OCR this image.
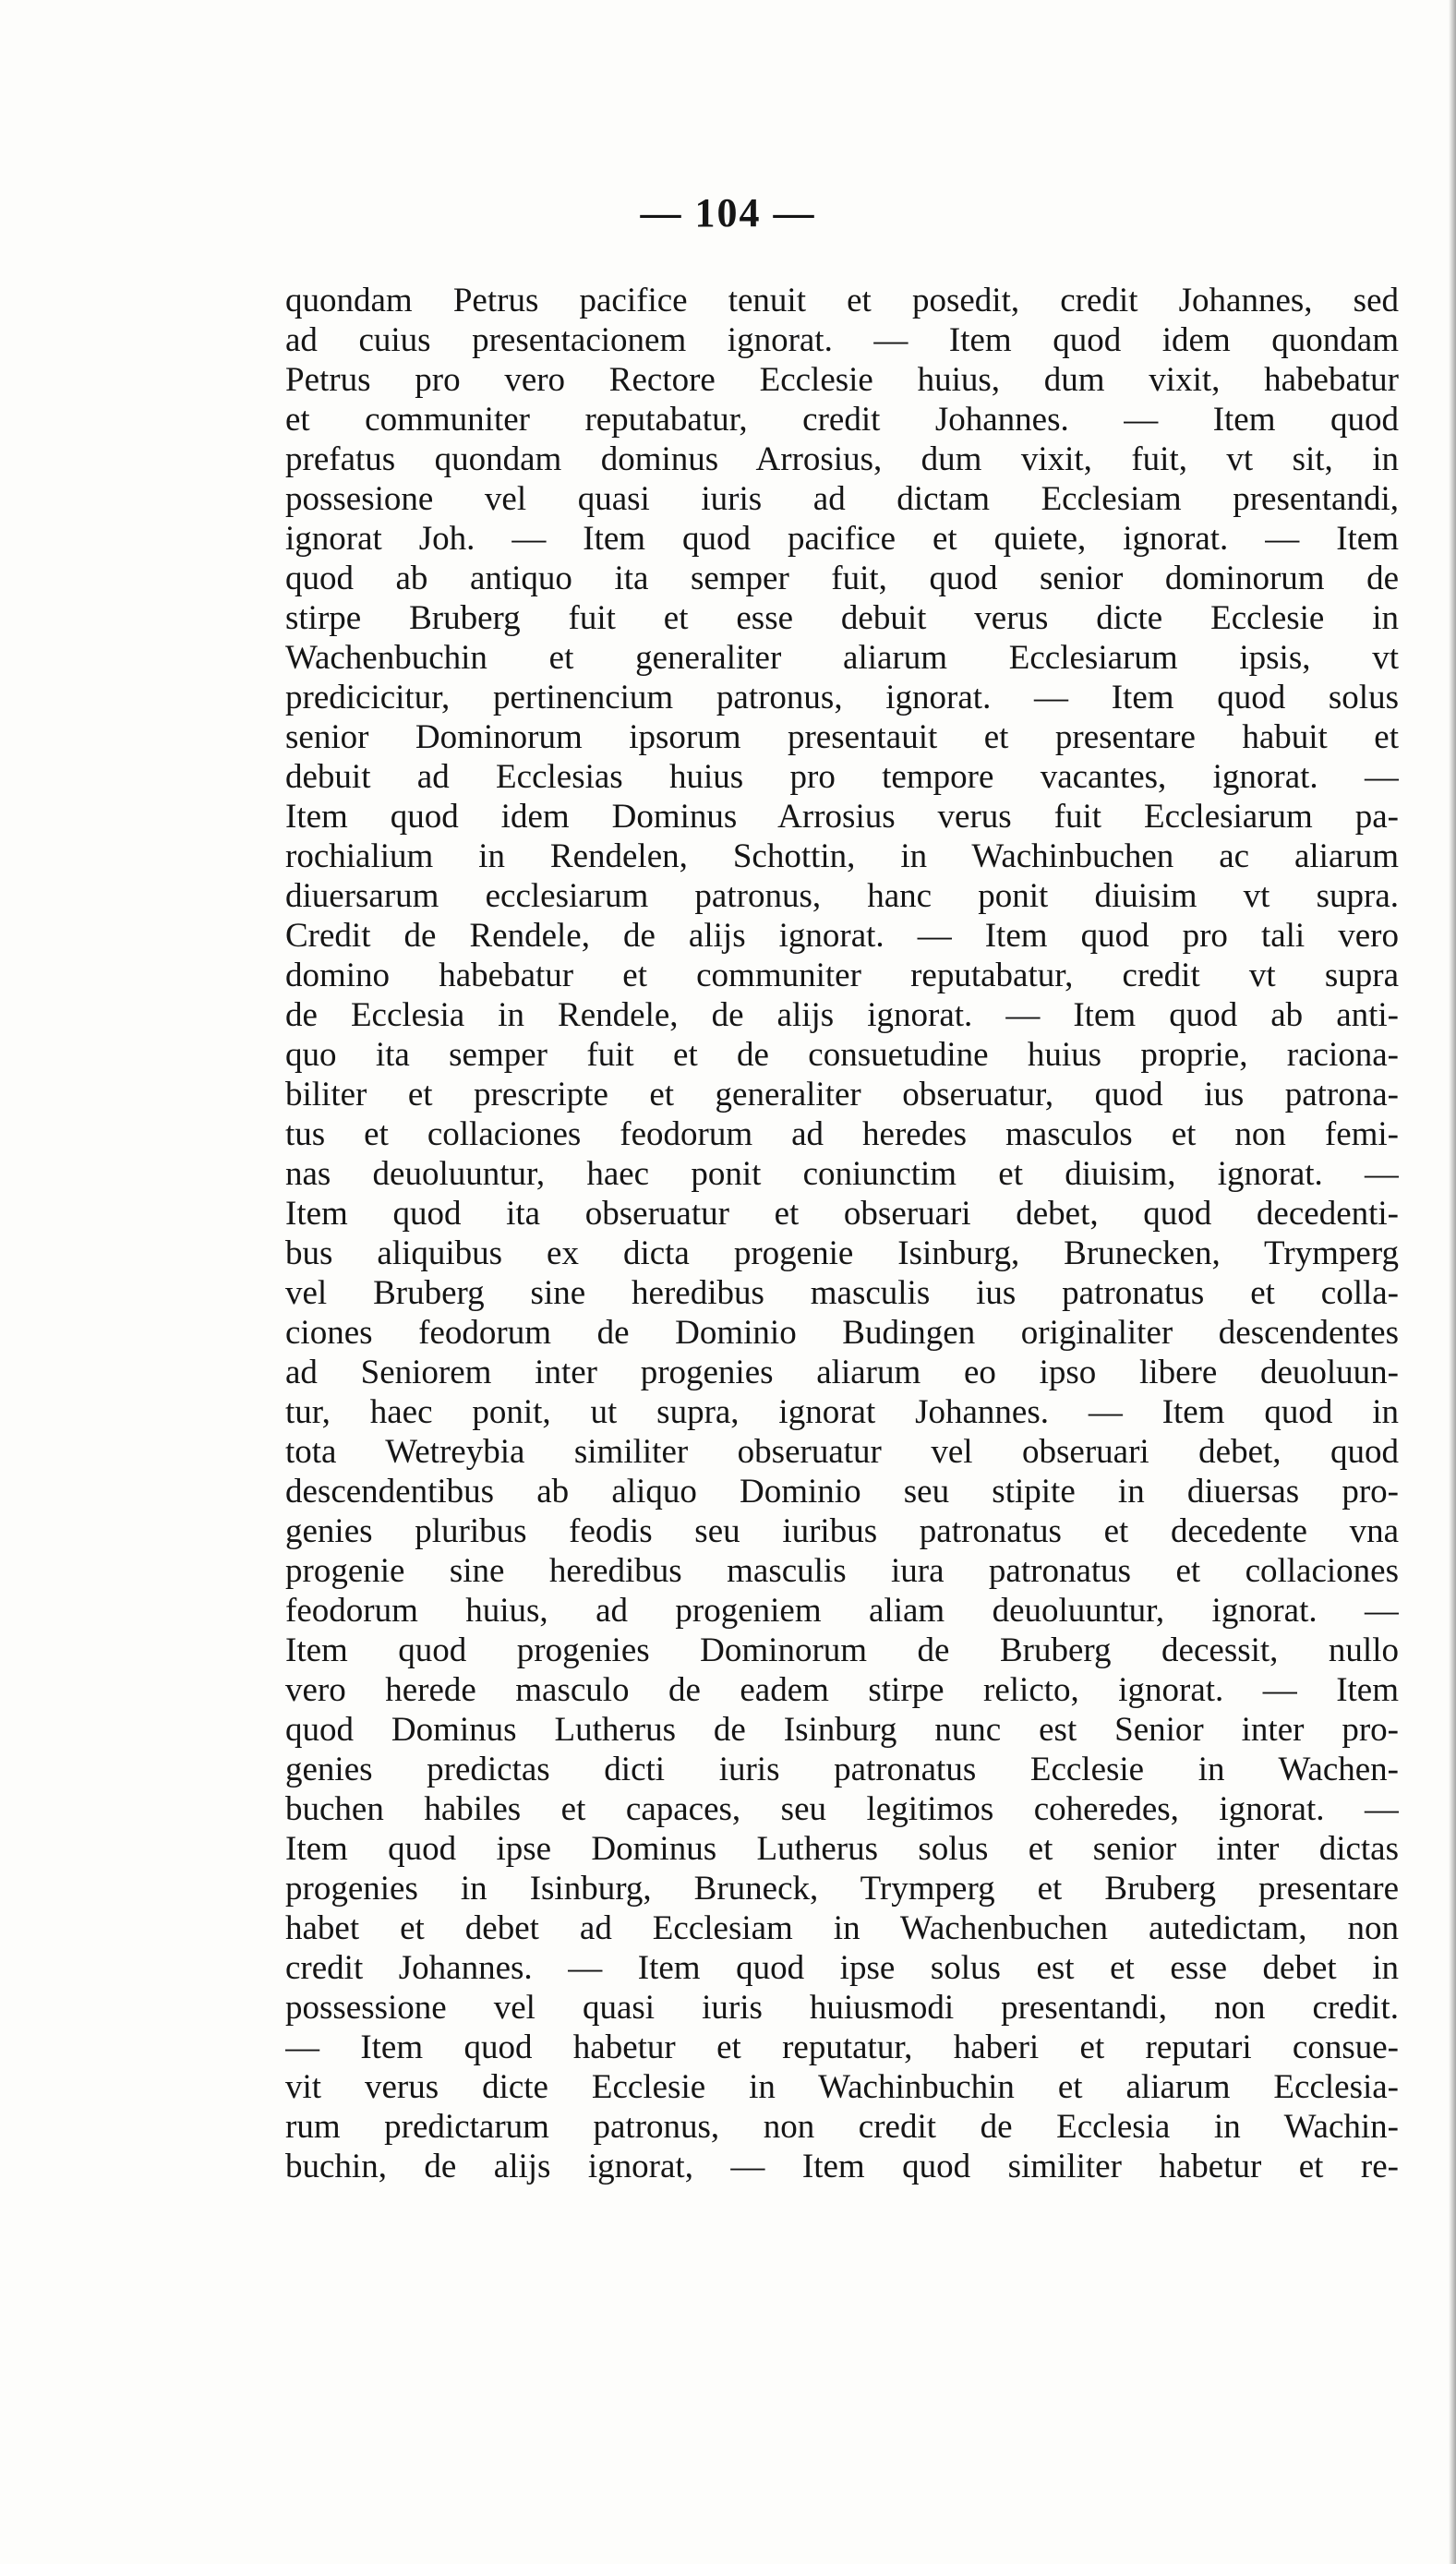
— 104 —
quondam Petrus pacifice tenuit et posedit, credit Johannes, sed
ad cuius presentacionem ignorat. — Item quod idem quondam
Petrus pro vero Rectore Ecclesie huius, dum vixit, habebatur
et communiter reputabatur, credit Johannes. — Item quod
prefatus quondam dominus Arrosius, dum vixit, fuit, vt sit, in
possesione vel quasi iuris ad dictam Ecclesiam presentandi,
ignorat Joh. — Item quod pacifice et quiete, ignorat. — Item
quod ab antiquo ita semper fuit, quod senior dominorum de
stirpe Bruberg fuit et esse debuit verus dicte Ecclesie in
Wachenbuchin et generaliter aliarum Ecclesiarum ipsis, vt
predicicitur, pertinencium patronus, ignorat. — Item quod solus
senior Dominorum ipsorum presentauit et presentare habuit et
debuit ad Ecclesias huius pro tempore vacantes, ignorat. —
Item quod idem Dominus Arrosius verus fuit Ecclesiarum pa-
rochialium in Rendelen, Schottin, in Wachinbuchen ac aliarum
diuersarum ecclesiarum patronus, hanc ponit diuisim vt supra.
Credit de Rendele, de alijs ignorat. — Item quod pro tali vero
domino habebatur et communiter reputabatur, credit vt supra
de Ecclesia in Rendele, de alijs ignorat. — Item quod ab anti-
quo ita semper fuit et de consuetudine huius proprie, raciona-
biliter et prescripte et generaliter obseruatur, quod ius patrona-
tus et collaciones feodorum ad heredes masculos et non femi-
nas deuoluuntur, haec ponit coniunctim et diuisim, ignorat. —
Item quod ita obseruatur et obseruari debet, quod decedenti-
bus aliquibus ex dicta progenie Isinburg, Brunecken, Trymperg
vel Bruberg sine heredibus masculis ius patronatus et colla-
ciones feodorum de Dominio Budingen originaliter descendentes
ad Seniorem inter progenies aliarum eo ipso libere deuoluun-
tur, haec ponit, ut supra, ignorat Johannes. — Item quod in
tota Wetreybia similiter obseruatur vel obseruari debet, quod
descendentibus ab aliquo Dominio seu stipite in diuersas pro-
genies pluribus feodis seu iuribus patronatus et decedente vna
progenie sine heredibus masculis iura patronatus et collaciones
feodorum huius, ad progeniem aliam deuoluuntur, ignorat. —
Item quod progenies Dominorum de Bruberg decessit, nullo
vero herede masculo de eadem stirpe relicto, ignorat. — Item
quod Dominus Lutherus de Isinburg nunc est Senior inter pro-
genies predictas dicti iuris patronatus Ecclesie in Wachen-
buchen habiles et capaces, seu legitimos coheredes, ignorat. —
Item quod ipse Dominus Lutherus solus et senior inter dictas
progenies in Isinburg, Bruneck, Trymperg et Bruberg presentare
habet et debet ad Ecclesiam in Wachenbuchen autedictam, non
credit Johannes. — Item quod ipse solus est et esse debet in
possessione vel quasi iuris huiusmodi presentandi, non credit.
— Item quod habetur et reputatur, haberi et reputari consue-
vit verus dicte Ecclesie in Wachinbuchin et aliarum Ecclesia-
rum predictarum patronus, non credit de Ecclesia in Wachin-
buchin, de alijs ignorat, — Item quod similiter habetur et re-
